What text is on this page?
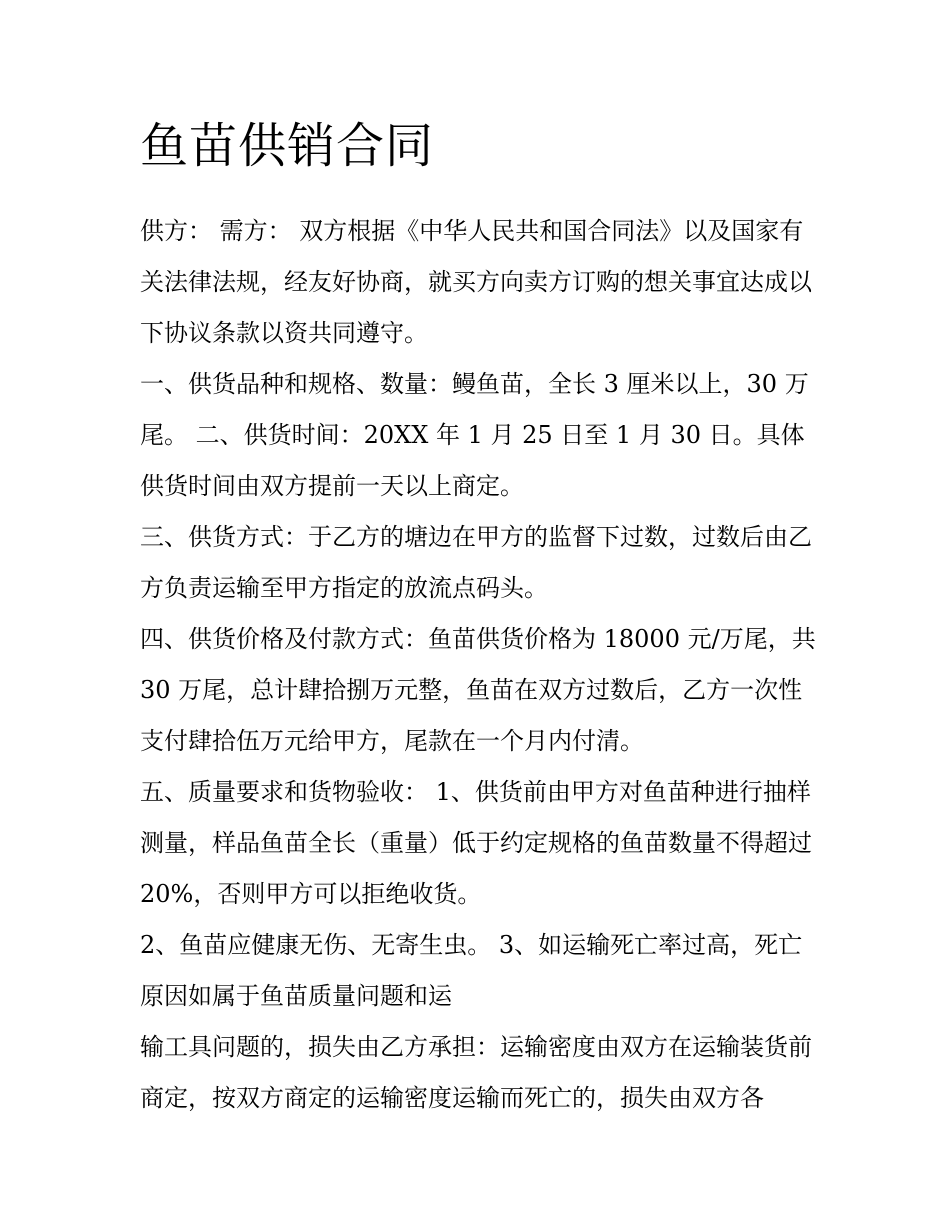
鱼苗供销合同

供方： 需方： 双方根据《中华人民共和国合同法》以及国家有关法律法规，经友好协商，就买方向卖方订购的想关事宜达成以下协议条款以资共同遵守。

一、供货品种和规格、数量：鳗鱼苗，全长 3 厘米以上，30 万尾。 二、供货时间：20XX 年 1 月 25 日至 1 月 30 日。具体供货时间由双方提前一天以上商定。

三、供货方式：于乙方的塘边在甲方的监督下过数，过数后由乙方负责运输至甲方指定的放流点码头。

四、供货价格及付款方式：鱼苗供货价格为 18000 元/万尾，共 30 万尾，总计肆拾捌万元整，鱼苗在双方过数后，乙方一次性支付肆拾伍万元给甲方，尾款在一个月内付清。

五、质量要求和货物验收： 1、供货前由甲方对鱼苗种进行抽样测量，样品鱼苗全长（重量）低于约定规格的鱼苗数量不得超过 20%，否则甲方可以拒绝收货。

2、鱼苗应健康无伤、无寄生虫。 3、如运输死亡率过高，死亡原因如属于鱼苗质量问题和运

输工具问题的，损失由乙方承担：运输密度由双方在运输装货前商定，按双方商定的运输密度运输而死亡的，损失由双方各
